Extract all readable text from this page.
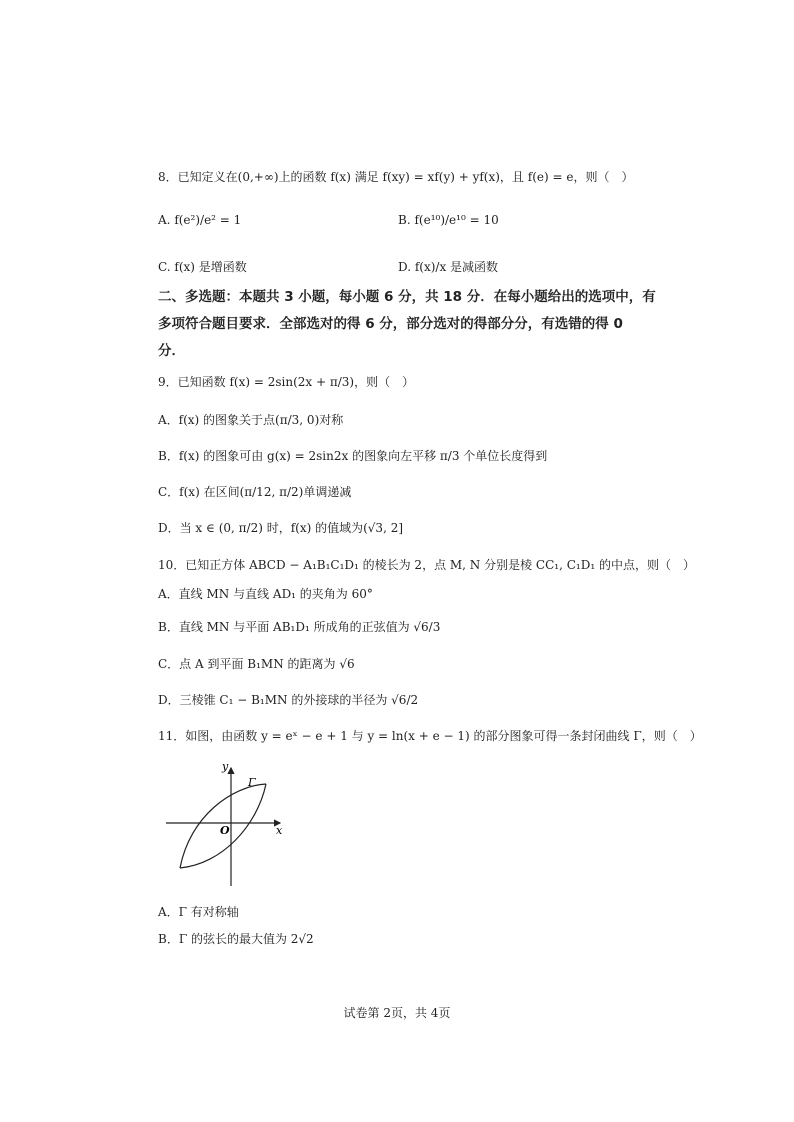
8．已知定义在(0,+∞)上的函数 f(x) 满足 f(xy) = xf(y) + yf(x)，且 f(e) = e，则（　）
A. f(e²)/e² = 1	B. f(e¹⁰)/e¹⁰ = 10
C. f(x) 是增函数	D. f(x)/x 是减函数
二、多选题：本题共 3 小题，每小题 6 分，共 18 分．在每小题给出的选项中，有
多项符合题目要求．全部选对的得 6 分，部分选对的得部分分，有选错的得 0
分．
9．已知函数 f(x) = 2sin(2x + π/3)，则（　）
A．f(x) 的图象关于点(π/3, 0)对称
B．f(x) 的图象可由 g(x) = 2sin2x 的图象向左平移 π/3 个单位长度得到
C．f(x) 在区间(π/12, π/2)单调递减
D．当 x ∈ (0, π/2) 时，f(x) 的值域为(√3, 2]
10．已知正方体 ABCD − A₁B₁C₁D₁ 的棱长为 2，点 M, N 分别是棱 CC₁, C₁D₁ 的中点，则（　）
A．直线 MN 与直线 AD₁ 的夹角为 60°
B．直线 MN 与平面 AB₁D₁ 所成角的正弦值为 √6/3
C．点 A 到平面 B₁MN 的距离为 √6
D．三棱锥 C₁ − B₁MN 的外接球的半径为 √6/2
11．如图，由函数 y = eˣ − e + 1 与 y = ln(x + e − 1) 的部分图象可得一条封闭曲线 Γ，则（　）
y
x
O
Γ
A．Γ 有对称轴
B．Γ 的弦长的最大值为 2√2
试卷第 2页，共 4页
